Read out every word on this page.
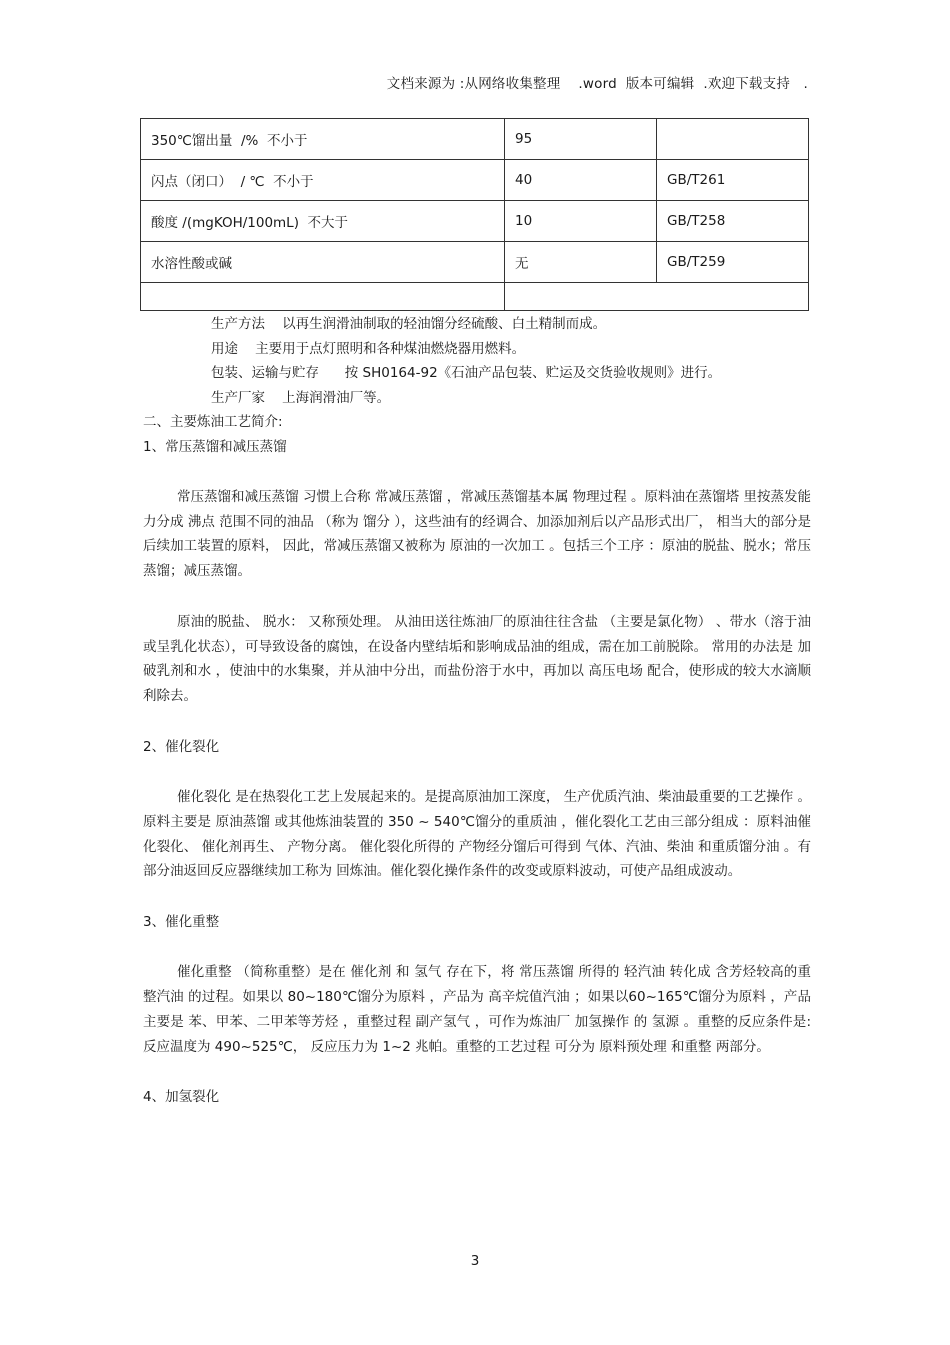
文档来源为 :从网络收集整理    .word  版本可编辑  .欢迎下载支持   .
350℃馏出量  /%  不小于	95	
闪点（闭口）  / ℃  不小于	40	GB/T261
酸度 /(mgKOH/100mL)  不大于	10	GB/T258
水溶性酸或碱	无	GB/T259

生产方法    以再生润滑油制取的轻油馏分经硫酸、白土精制而成。
用途    主要用于点灯照明和各种煤油燃烧器用燃料。
包装、运输与贮存      按 SH0164-92《石油产品包装、贮运及交货验收规则》进行。
生产厂家    上海润滑油厂等。
二、主要炼油工艺简介:
1、常压蒸馏和减压蒸馏
常压蒸馏和减压蒸馏 习惯上合称 常减压蒸馏 ，常减压蒸馏基本属 物理过程 。原料油在蒸馏塔 里按蒸发能力分成 沸点 范围不同的油品 （称为 馏分 ），这些油有的经调合、加添加剂后以产品形式出厂， 相当大的部分是后续加工装置的原料， 因此，常减压蒸馏又被称为 原油的一次加工 。包括三个工序 ：原油的脱盐、脱水；常压蒸馏；减压蒸馏。
原油的脱盐、 脱水： 又称预处理。 从油田送往炼油厂的原油往往含盐 （主要是氯化物） 、带水（溶于油或呈乳化状态），可导致设备的腐蚀，在设备内壁结垢和影响成品油的组成，需在加工前脱除。 常用的办法是 加破乳剂和水 ，使油中的水集聚，并从油中分出，而盐份溶于水中，再加以 高压电场 配合，使形成的较大水滴顺利除去。
2、催化裂化
催化裂化 是在热裂化工艺上发展起来的。是提高原油加工深度， 生产优质汽油、柴油最重要的工艺操作 。原料主要是 原油蒸馏 或其他炼油装置的 350 ~ 540℃馏分的重质油 ，催化裂化工艺由三部分组成 ：原料油催化裂化、 催化剂再生、 产物分离。 催化裂化所得的 产物经分馏后可得到 气体、汽油、柴油 和重质馏分油 。有部分油返回反应器继续加工称为 回炼油。催化裂化操作条件的改变或原料波动，可使产品组成波动。
3、催化重整
催化重整 （简称重整）是在 催化剂 和 氢气 存在下，将 常压蒸馏 所得的 轻汽油 转化成 含芳烃较高的重整汽油 的过程。如果以 80~180℃馏分为原料 ，产品为 高辛烷值汽油 ；如果以60~165℃馏分为原料 ，产品主要是 苯、甲苯、二甲苯等芳烃 ，重整过程 副产氢气 ，可作为炼油厂 加氢操作 的 氢源 。重整的反应条件是: 反应温度为 490~525℃， 反应压力为 1~2 兆帕。重整的工艺过程 可分为 原料预处理 和重整 两部分。
4、加氢裂化
3
